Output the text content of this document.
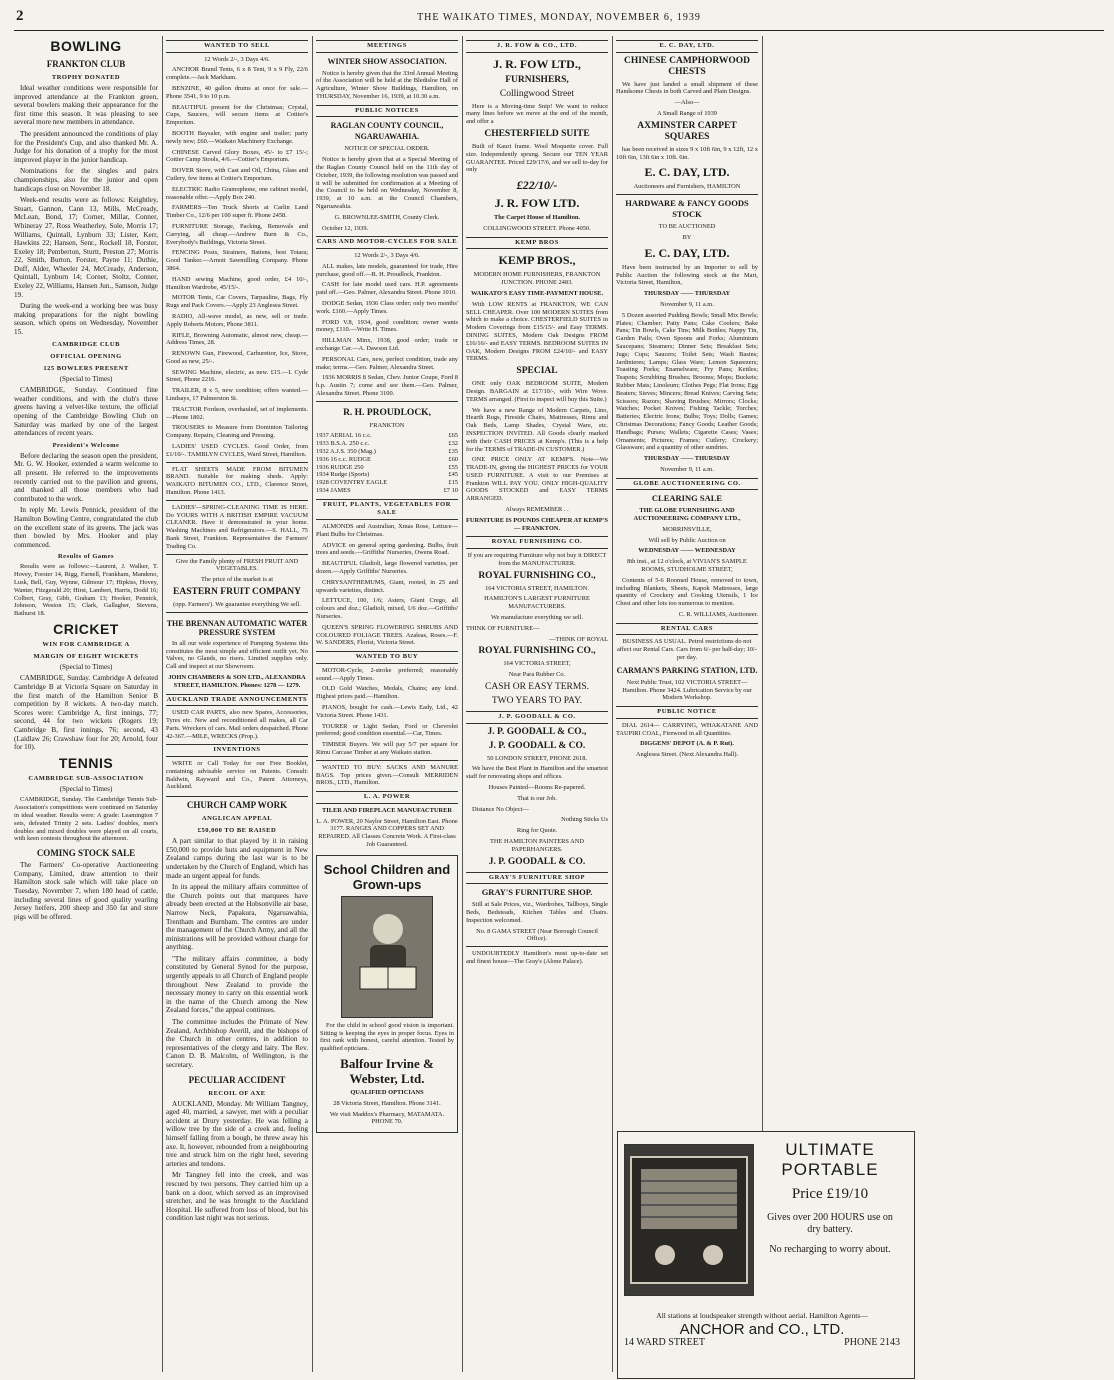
2	THE WAIKATO TIMES, MONDAY, NOVEMBER 6, 1939
BOWLING
FRANKTON CLUB
TROPHY DONATED

Ideal weather conditions were responsible for improved attendance at the Frankton green, several bowlers making their appearance for the first time this season. It was pleasing to see several more new members in attendance.

The president announced the conditions of play for the President's Cup, and also thanked Mr. A. Judge for his donation of a trophy for the most improved player in the junior handicap.

Nominations for the singles and pairs championships, also for the junior and open handicaps close on November 18.

Week-end results were as follows: Keightley, Stuart, Gannon, Cann 13, Mills, McCready, McLean, Bond, 17; Corner, Millar, Conner, Whineray 27, Ross Weatherley, Sole, Morris 17; Williams, Quintall, Lynburn 33; Lister, Kerr, Hawkins 22; Hansen, Senr., Rockell 18, Forster, Exeley 18; Pemberton, Sturtt, Preston 27; Morris 22, Smith, Burton, Forster, Payne 11; Duthie, Duff, Alder, Wheeler 24, McCready, Anderson, Quintall, Lynburn 14; Corner, Stoltz, Conner, Exeley 22, Williams, Hansen Jun., Samson, Judge 19.

During the week-end a working bee was busy making preparations for the night bowling season, which opens on Wednesday, November 15.

CAMBRIDGE CLUB
OFFICIAL OPENING
125 BOWLERS PRESENT

(Special to Times)

CAMBRIDGE, Sunday. Continued fine weather conditions, and with the club's three greens having a velvet-like texture, the official opening of the Cambridge Bowling Club on Saturday was marked by one of the largest attendances of recent years.

President's Welcome

Before declaring the season open the president, Mr. G. W. Hooker, extended a warm welcome to all present. He referred to the improvements recently carried out to the pavilion and greens, and thanked all those members who had contributed to the work.

In reply Mr. Lewis Pennick, president of the Hamilton Bowling Centre, congratulated the club on the excellent state of its greens. The jack was then bowled by Mrs. Hooker and play commenced.

Results of Games

Results were as follows:—Laurent, J. Walker, T. Hovey, Forster 14, Rigg, Farnell, Frankham, Mandeno, Lusk, Bell, Guy, Wynne, Gilmour 17; Hipkiss, Hovey, Wanter, Fitzgerald 20; Hirst, Lambert, Harris, Dodd 16; Colbert, Gray, Gibb, Graham 13; Hooker, Pennick, Johnson, Weston 15; Clark, Gallagher, Stevens, Bathurst 18.

CRICKET
WIN FOR CAMBRIDGE A
MARGIN OF EIGHT WICKETS

(Special to Times)

CAMBRIDGE, Sunday. Cambridge A defeated Cambridge B at Victoria Square on Saturday in the first match of the Hamilton Senior B competition by 8 wickets. A two-day match. Scores were: Cambridge A, first innings, 77; second, 44 for two wickets (Rogers 19; Cambridge B, first innings, 76; second, 43 (Laidlaw 26; Crawshaw four for 20; Arnold, four for 10).

TENNIS
CAMBRIDGE SUB-ASSOCIATION

(Special to Times)

CAMBRIDGE, Sunday. The Cambridge Tennis Sub-Association's competitions were continued on Saturday in ideal weather. Results were: A grade: Leamington 7 sets, defeated Trinity 2 sets. Ladies' doubles, men's doubles and mixed doubles were played on all courts, with keen contests throughout the afternoon.

COMING STOCK SALE

The Farmers' Co-operative Auctioneering Company, Limited, draw attention to their Hamilton stock sale which will take place on Tuesday, November 7, when 180 head of cattle, including several lines of good quality yearling Jersey heifers, 200 sheep and 350 fat and store pigs will be offered.

WANTED TO SELL

12 Words 2/-, 3 Days 4/6.

ANCHOR Brand Tents, 6 x 8 Tent, 9 x 9 Fly, 22/6 complete.—Jack Markham.

BENZINE, 40 gallon drums at once for sale.—Phone 3541, 9 to 10 p.m.

BEAUTIFUL present for the Christmas; Crystal, Cups, Saucers, will secure items at Cottier's Emporium.

BOOTH Baysaler, with engine and trailer; party newly new; £60.—Waikato Machinery Exchange.

CHINESE Carved Glory Boxes, 45/- to £7 15/-; Cottier Camp Stools, 4/6.—Cottier's Emporium.

DOVER Stove, with Cast and Oil, China, Glass and Cutlery, few items at Cottier's Emporium.

ELECTRIC Radio Gramophone, one cabinet model, reasonable offer.—Apply Box 240.

FARMERS—Ten Truck Shorts at Carlin Land Timber Co., 12/6 per 100 super ft. Phone 2458.

FURNITURE Storage, Packing, Removals and Carrying, all cheap.—Andrew Burn & Co., Everybody's Buildings, Victoria Street.

FENCING Posts, Strainers, Battens, best Totara; Good Tanker.—Arnott Sawmilling Company. Phone 3864.

HAND sewing Machine, good order, £4 10/-, Hamilton Wardrobe, 45/15/-.

MOTOR Tents, Car Covers, Tarpaulins, Bags, Fly Rugs and Pack Covers.—Apply 23 Anglesea Street.

RADIO, All-wave model, as new, sell or trade. Apply Roberts Motors, Phone 3811.

RIFLE, Browning Automatic, almost new, cheap.—Address Times, 28.

RENOWN Gun, Firewood, Carburettor, Ice, Stove, Good as new, 25/-.

SEWING Machine, electric, as new. £15.—I. Cyde Street, Phone 2216.

TRAILER, 8 x 5, new condition; offers wanted.—Lindsays, 17 Palmerston St.

TRACTOR Fordson, overhauled, set of implements.—Phone 1802.

TROUSERS to Measure from Dominion Tailoring Company. Repairs, Cleaning and Pressing.

LADIES' USED CYCLES. Good Order, from £1/10/-. TAMBLYN CYCLES, Ward Street, Hamilton.

FLAT SHEETS MADE FROM BITUMEN BRAND. Suitable for making sheds. Apply: WAIKATO BITUMEN CO., LTD., Clarence Street, Hamilton. Phone 1413.

LADIES'—SPRING-CLEANING TIME IS HERE. Do YOURS WITH A BRITISH EMPIRE VACUUM CLEANER. Have it demonstrated in your home. Washing Machines and Refrigerators.—S. HALL, 75 Bank Street, Frankton. Representative the Farmers' Trading Co.

Give the Family plenty of FRESH FRUIT AND VEGETABLES.

The price of the market is at

EASTERN FRUIT COMPANY

(opp. Farmers'). We guarantee everything We sell.

THE BRENNAN AUTOMATIC WATER PRESSURE SYSTEM

In all our wide experience of Pumping Systems this constitutes the most simple and efficient outfit yet. No Valves, no Glands, no risers. Limited supplies only. Call and inspect at our Showroom.

JOHN CHAMBERS & SON LTD., ALEXANDRA STREET, HAMILTON. Phones: 1278 — 1279.

AUCKLAND TRADE ANNOUNCEMENTS

USED CAR PARTS, also new Spares, Accessories, Tyres etc. New and reconditioned all makes, all Car Parts. Wreckers of cars. Mail orders despatched. Phone 42-367.—MILE, WRECKS (Prop.).

INVENTIONS

WRITE or Call Today for our Free Booklet, containing advisable service on Patents. Consult: Baldwin, Rayward and Co., Patent Attorneys, Auckland.

CHURCH CAMP WORK
ANGLICAN APPEAL
£50,000 TO BE RAISED

A part similar to that played by it in raising £50,000 to provide huts and equipment in New Zealand camps during the last war is to be undertaken by the Church of England, which has made an urgent appeal for funds.

In its appeal the military affairs committee of the Church points out that marquees have already been erected at the Hobsonville air base, Narrow Neck, Papakura, Ngaruawahia, Trentham and Burnham. The centres are under the management of the Church Army, and all the ministrations will be provided without charge for anything.

"The military affairs committee, a body constituted by General Synod for the purpose, urgently appeals to all Church of England people throughout New Zealand to provide the necessary money to carry on this essential work in the name of the Church among the New Zealand forces," the appeal continues.

The committee includes the Primate of New Zealand, Archbishop Averill, and the bishops of the Church in other centres, in addition to representatives of the clergy and laity. The Rev. Canon D. B. Malcolm, of Wellington, is the secretary.

PECULIAR ACCIDENT
RECOIL OF AXE

AUCKLAND, Monday. Mr William Tangney, aged 40, married, a sawyer, met with a peculiar accident at Drury yesterday. He was felling a willow tree by the side of a creek and, feeling himself falling from a bough, he threw away his axe. It, however, rebounded from a neighbouring tree and struck him on the right heel, severing arteries and tendons.

Mr Tangney fell into the creek, and was rescued by two persons. They carried him up a bank on a door, which served as an improvised stretcher, and he was brought to the Auckland Hospital. He suffered from loss of blood, but his condition last night was not serious.

MEETINGS
WINTER SHOW ASSOCIATION.

Notice is hereby given that the 33rd Annual Meeting of the Association will be held at the Bledisloe Hall of Agriculture, Winter Show Buildings, Hamilton, on THURSDAY, November 16, 1939, at 10.30 a.m.

PUBLIC NOTICES
RAGLAN COUNTY COUNCIL, NGARUAWAHIA.

NOTICE OF SPECIAL ORDER.

Notice is hereby given that at a Special Meeting of the Raglan County Council held on the 11th day of October, 1939, the following resolution was passed and it will be submitted for confirmation at a Meeting of the Council to be held on Wednesday, November 8, 1939, at 10 a.m. at the Council Chambers, Ngaruawahia.

G. BROWNLEE-SMITH, County Clerk.

October 12, 1939.

CARS AND MOTOR-CYCLES FOR SALE

12 Words 2/-, 3 Days 4/6.

ALL makes, late models, guaranteed for trade, Hire purchase, good off.—R. H. Proudlock, Frankton.

CASH for late model used cars. H.P. agreements paid off.—Geo. Palmer, Alexandra Street. Phone 1010.

DODGE Sedan, 1936 Class order; only two months' work. £160.—Apply Times.

FORD V.8, 1934, good condition; owner wants money, £110.—Write H. Times.

HILLMAN Minx, 1938, good order; trade or exchange Car.—A. Dawson Ltd.

PERSONAL Cars, new, perfect condition, trade any make; terms.—Geo. Palmer, Alexandra Street.

1936 MORRIS 8 Sedan, Chev. Junior Coupe, Ford 8 h.p. Austin 7; come and see them.—Geo. Palmer, Alexandra Street. Phone 3100.

R. H. PROUDLOCK,

FRANKTON

1937 AERIAL 16 c.c.	£65
1933 B.S.A. 250 c.c.	£32
1932 A.J.S. 350 (Mag.)	£35
1936 16 c.c. RUDGE	£60
1936 RUDGE 250	£55
1934 Rudge (Sports)	£45
1928 COVENTRY EAGLE	£15
1934 JAMES	£7 10
FRUIT, PLANTS, VEGETABLES FOR SALE

ALMONDS and Australian, Xmas Rose, Lettuce—Plant Bulbs for Christmas.

ADVICE on general spring gardening. Bulbs, fruit trees and seeds.—Griffiths' Nurseries, Owens Road.

BEAUTIFUL Gladioli, large flowered varieties, per dozen.—Apply Griffiths' Nurseries.

CHRYSANTHEMUMS, Giant, rooted, in 25 and upwards varieties, distinct.

LETTUCE, 100, 1/6; Asters, Giant Crego, all colours and doz.; Gladioli, mixed, 1/6 doz.—Griffiths' Nurseries.

QUEEN'S SPRING FLOWERING SHRUBS AND COLOURED FOLIAGE TREES. Azaleas, Roses.—F. W. SANDERS, Florist, Victoria Street.

WANTED TO BUY

MOTOR-Cycle, 2-stroke preferred; reasonably sound.—Apply Times.

OLD Gold Watches, Medals, Chains; any kind. Highest prices paid.—Hamilton.

PIANOS, bought for cash.—Lewis Eady, Ltd., 42 Victoria Street. Phone 1431.

TOURER or Light Sedan, Ford or Chevrolet preferred; good condition essential.—Car, Times.

TIMBER Buyers. We will pay 5/7 per square for Rimu Carcase Timber at any Waikato station.

WANTED TO BUY: SACKS AND MANURE BAGS. Top prices given.—Consult MERRIDEN BROS., LTD., Hamilton.

L. A. POWER

TILER AND FIREPLACE MANUFACTURER

L. A. POWER, 20 Naylor Street, Hamilton East. Phone 3177. RANGES AND COPPERS SET AND REPAIRED. All Classes Concrete Work. A First-class Job Guaranteed.

School Children and Grown-ups

For the child in school good vision is important. Sitting is keeping the eyes in proper focus. Eyes in first rank with honest, careful attention. Tested by qualified opticians.

Balfour Irvine & Webster, Ltd.

QUALIFIED OPTICIANS

28 Victoria Street, Hamilton. Phone 3141.

We visit Maddox's Pharmacy, MATAMATA. PHONE 70.

J. R. FOW & CO., LTD.
J. R. FOW LTD.,
FURNISHERS,
Collingwood Street

Here is a Moving-time Snip! We want to reduce many lines before we move at the end of the month, and offer a

CHESTERFIELD SUITE

Built of Kauri frame. Wool Moquette cover. Full size. Independently sprung. Secure our TEN YEAR GUARANTEE. Priced £29/17/6, and we sell to-day for only

£22/10/-
J. R. FOW LTD.

The Carpet House of Hamilton.

COLLINGWOOD STREET. Phone 4050.

KEMP BROS
KEMP BROS.,

MODERN HOME FURNISHERS, FRANKTON JUNCTION. PHONE 2483.

WAIKATO'S EASY TIME-PAYMENT HOUSE.

With LOW RENTS at FRANKTON, WE CAN SELL CHEAPER. Over 100 MODERN SUITES from which to make a choice. CHESTERFIELD SUITES in Modern Coverings from £15/15/- and Easy TERMS. DINING SUITES, Modern Oak Designs FROM £16/16/- and EASY TERMS. BEDROOM SUITES IN OAK, Modern Designs FROM £24/10/- and EASY TERMS.

SPECIAL

ONE only OAK BEDROOM SUITE, Modern Design. BARGAIN at £17/10/-, with Wire Wove. TERMS arranged. (First to inspect will buy this Suite.)

We have a new Range of Modern Carpets, Lino, Hearth Rugs, Fireside Chairs, Mattresses, Rimu and Oak Beds, Lamp Shades, Crystal Ware, etc. INSPECTION INVITED. All Goods clearly marked with their CASH PRICES at Kemp's. (This is a help for the TERMS of TRADE-IN CUSTOMER.)

ONE PRICE ONLY AT KEMP'S. Note—We TRADE-IN, giving the HIGHEST PRICES for YOUR USED FURNITURE. A visit to our Premises at Frankton WILL PAY YOU. ONLY HIGH-QUALITY GOODS STOCKED and EASY TERMS ARRANGED.

Always REMEMBER . .

FURNITURE IS POUNDS CHEAPER AT KEMP'S — FRANKTON.

ROYAL FURNISHING CO.

If you are requiring Furniture why not buy it DIRECT from the MANUFACTURER.

ROYAL FURNISHING CO.,

164 VICTORIA STREET, HAMILTON.

HAMILTON'S LARGEST FURNITURE MANUFACTURERS.

We manufacture everything we sell.

THINK OF FURNITURE—

—THINK OF ROYAL

ROYAL FURNISHING CO.,

164 VICTORIA STREET,

Near Para Rubber Co.

CASH OR EASY TERMS.
TWO YEARS TO PAY.
J. P. GOODALL & CO.
J. P. GOODALL & CO.,
J. P. GOODALL & CO.

50 LONDON STREET, PHONE 2618.

We have the Best Plant in Hamilton and the smartest staff for renovating shops and offices.

Houses Painted—Rooms Re-papered.

That is our Job.

Distance No Object—

Nothing Sticks Us

Ring for Quote.

THE HAMILTON PAINTERS AND PAPERHANGERS.

J. P. GOODALL & CO.
GRAY'S FURNITURE SHOP
GRAY'S FURNITURE SHOP.

Still at Sale Prices, viz., Wardrobes, Tallboys, Single Beds, Bedsteads, Kitchen Tables and Chairs. Inspection welcomed.

No. 8 GAMA STREET (Near Borough Council Office).

UNDOUBTEDLY Hamilton's most up-to-date set and finest house—The Gray's (Alone Palace).

E. C. DAY, LTD.
CHINESE CAMPHORWOOD CHESTS

We have just landed a small shipment of these Handsome Chests in both Carved and Plain Designs.

—Also—

A Small Range of 1939

AXMINSTER CARPET SQUARES

has been received in sizes 9 x 10ft 6in, 9 x 12ft, 12 x 10ft 6in, 13ft 6in x 10ft. 6in.

E. C. DAY, LTD.

Auctioneers and Furnishers, HAMILTON

HARDWARE & FANCY GOODS STOCK

TO BE AUCTIONED

BY

E. C. DAY, LTD.

Have been instructed by an Importer to sell by Public Auction the following stock at the Mart, Victoria Street, Hamilton,

THURSDAY —— THURSDAY

November 9, 11 a.m.

5 Dozen assorted Pudding Bowls; Small Mix Bowls; Plates; Chamber; Patty Pans; Cake Coolers; Bake Pans; Tin Bowls, Cake Tins; Milk Bottles; Nappy Tin, Garden Pails; Oven Spoons and Forks; Aluminium Saucepans; Steamers; Dinner Sets; Breakfast Sets; Jugs; Cups; Saucers; Toilet Sets; Wash Basins; Jardinieres; Lamps; Glass Ware; Lemon Squeezers; Toasting Forks; Enamelware; Fry Pans; Kettles; Teapots; Scrubbing Brushes; Brooms; Mops; Buckets; Rubber Mats; Linoleum; Clothes Pegs; Flat Irons; Egg Beaters; Sieves; Mincers; Bread Knives; Carving Sets; Scissors; Razors; Shaving Brushes; Mirrors; Clocks; Watches; Pocket Knives; Fishing Tackle; Torches; Batteries; Electric Irons; Bulbs; Toys; Dolls; Games; Christmas Decorations; Fancy Goods; Leather Goods; Handbags; Purses; Wallets; Cigarette Cases; Vases; Ornaments; Pictures; Frames; Cutlery; Crockery; Glassware; and a quantity of other sundries.

THURSDAY —— THURSDAY

November 9, 11 a.m.

GLOBE AUCTIONEERING CO.
CLEARING SALE

THE GLOBE FURNISHING AND AUCTIONEERING COMPANY LTD.,

MORRINSVILLE,

Will sell by Public Auction on

WEDNESDAY —— WEDNESDAY

8th inst., at 12 o'clock, at VIVIAN'S SAMPLE ROOMS, STUDHOLME STREET,

Contents of 5-6 Roomed House, removed to town, including Blankets, Sheets, Kapok Mattresses, large quantity of Crockery and Cooking Utensils, 1 Ice Chest and other lots too numerous to mention.

C. R. WILLIAMS, Auctioneer.

RENTAL CARS

BUSINESS AS USUAL. Petrol restrictions do not affect our Rental Cars. Cars from 6/- per half-day; 10/- per day.

CARMAN'S PARKING STATION, LTD.

Next Public Trust, 102 VICTORIA STREET—Hamilton. Phone 3424. Lubrication Service by our Modern Workshop.

PUBLIC NOTICE

DIAL 2614— CARRYING, WHAKATANE AND TAUPIRI COAL, Firewood in all Quantities.

DIGGENS' DEPOT (A. & P. Rut).

Anglesea Street. (Next Alexandra Hall).

ULTIMATE
PORTABLE
Price £19/10
Gives over 200 HOURS use on dry battery.
No recharging to worry about.
All stations at loudspeaker strength without aerial. Hamilton Agents—
ANCHOR and CO., LTD.
14 WARD STREET	PHONE 2143
